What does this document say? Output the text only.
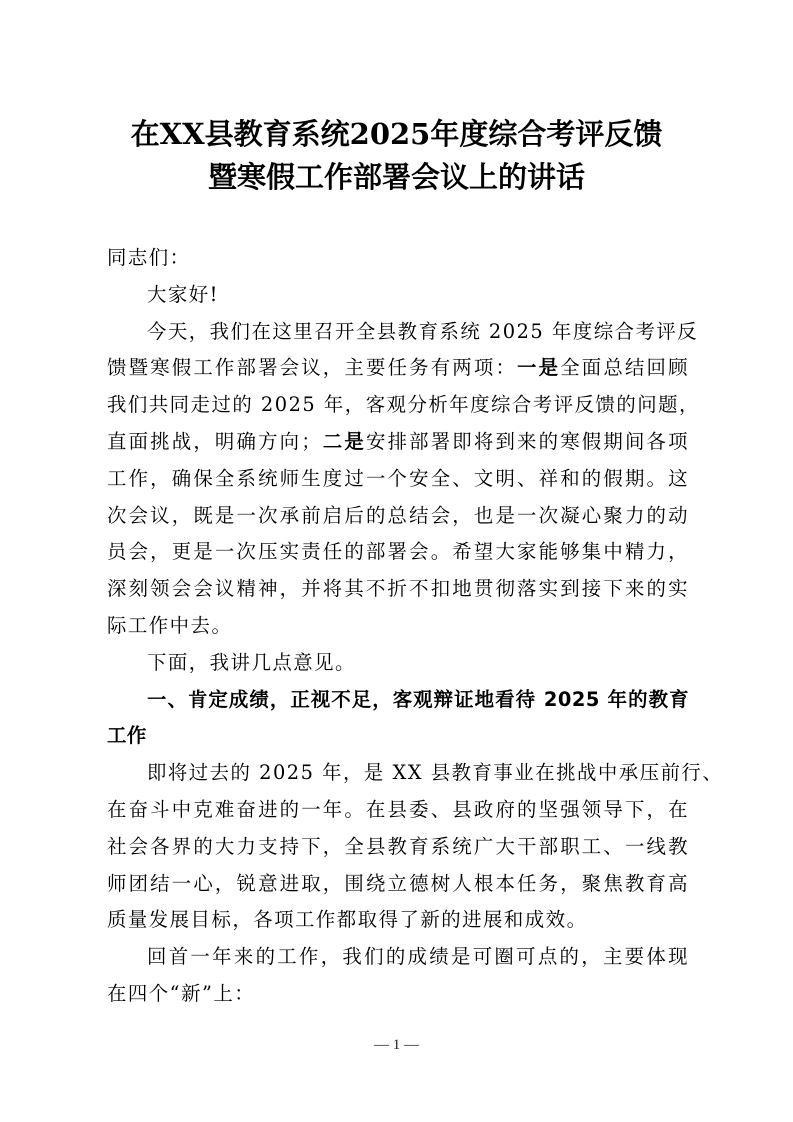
在XX县教育系统2025年度综合考评反馈
暨寒假工作部署会议上的讲话
同志们：
大家好!
今天，我们在这里召开全县教育系统 2025 年度综合考评反
馈暨寒假工作部署会议，主要任务有两项：一是全面总结回顾
我们共同走过的 2025 年，客观分析年度综合考评反馈的问题，
直面挑战，明确方向；二是安排部署即将到来的寒假期间各项
工作，确保全系统师生度过一个安全、文明、祥和的假期。这
次会议，既是一次承前启后的总结会，也是一次凝心聚力的动
员会，更是一次压实责任的部署会。希望大家能够集中精力，
深刻领会会议精神，并将其不折不扣地贯彻落实到接下来的实
际工作中去。
下面，我讲几点意见。
一、肯定成绩，正视不足，客观辩证地看待 2025 年的教育
工作
即将过去的 2025 年，是 XX 县教育事业在挑战中承压前行、
在奋斗中克难奋进的一年。在县委、县政府的坚强领导下，在
社会各界的大力支持下，全县教育系统广大干部职工、一线教
师团结一心，锐意进取，围绕立德树人根本任务，聚焦教育高
质量发展目标，各项工作都取得了新的进展和成效。
回首一年来的工作，我们的成绩是可圈可点的，主要体现
在四个“新”上：
— 1 —
